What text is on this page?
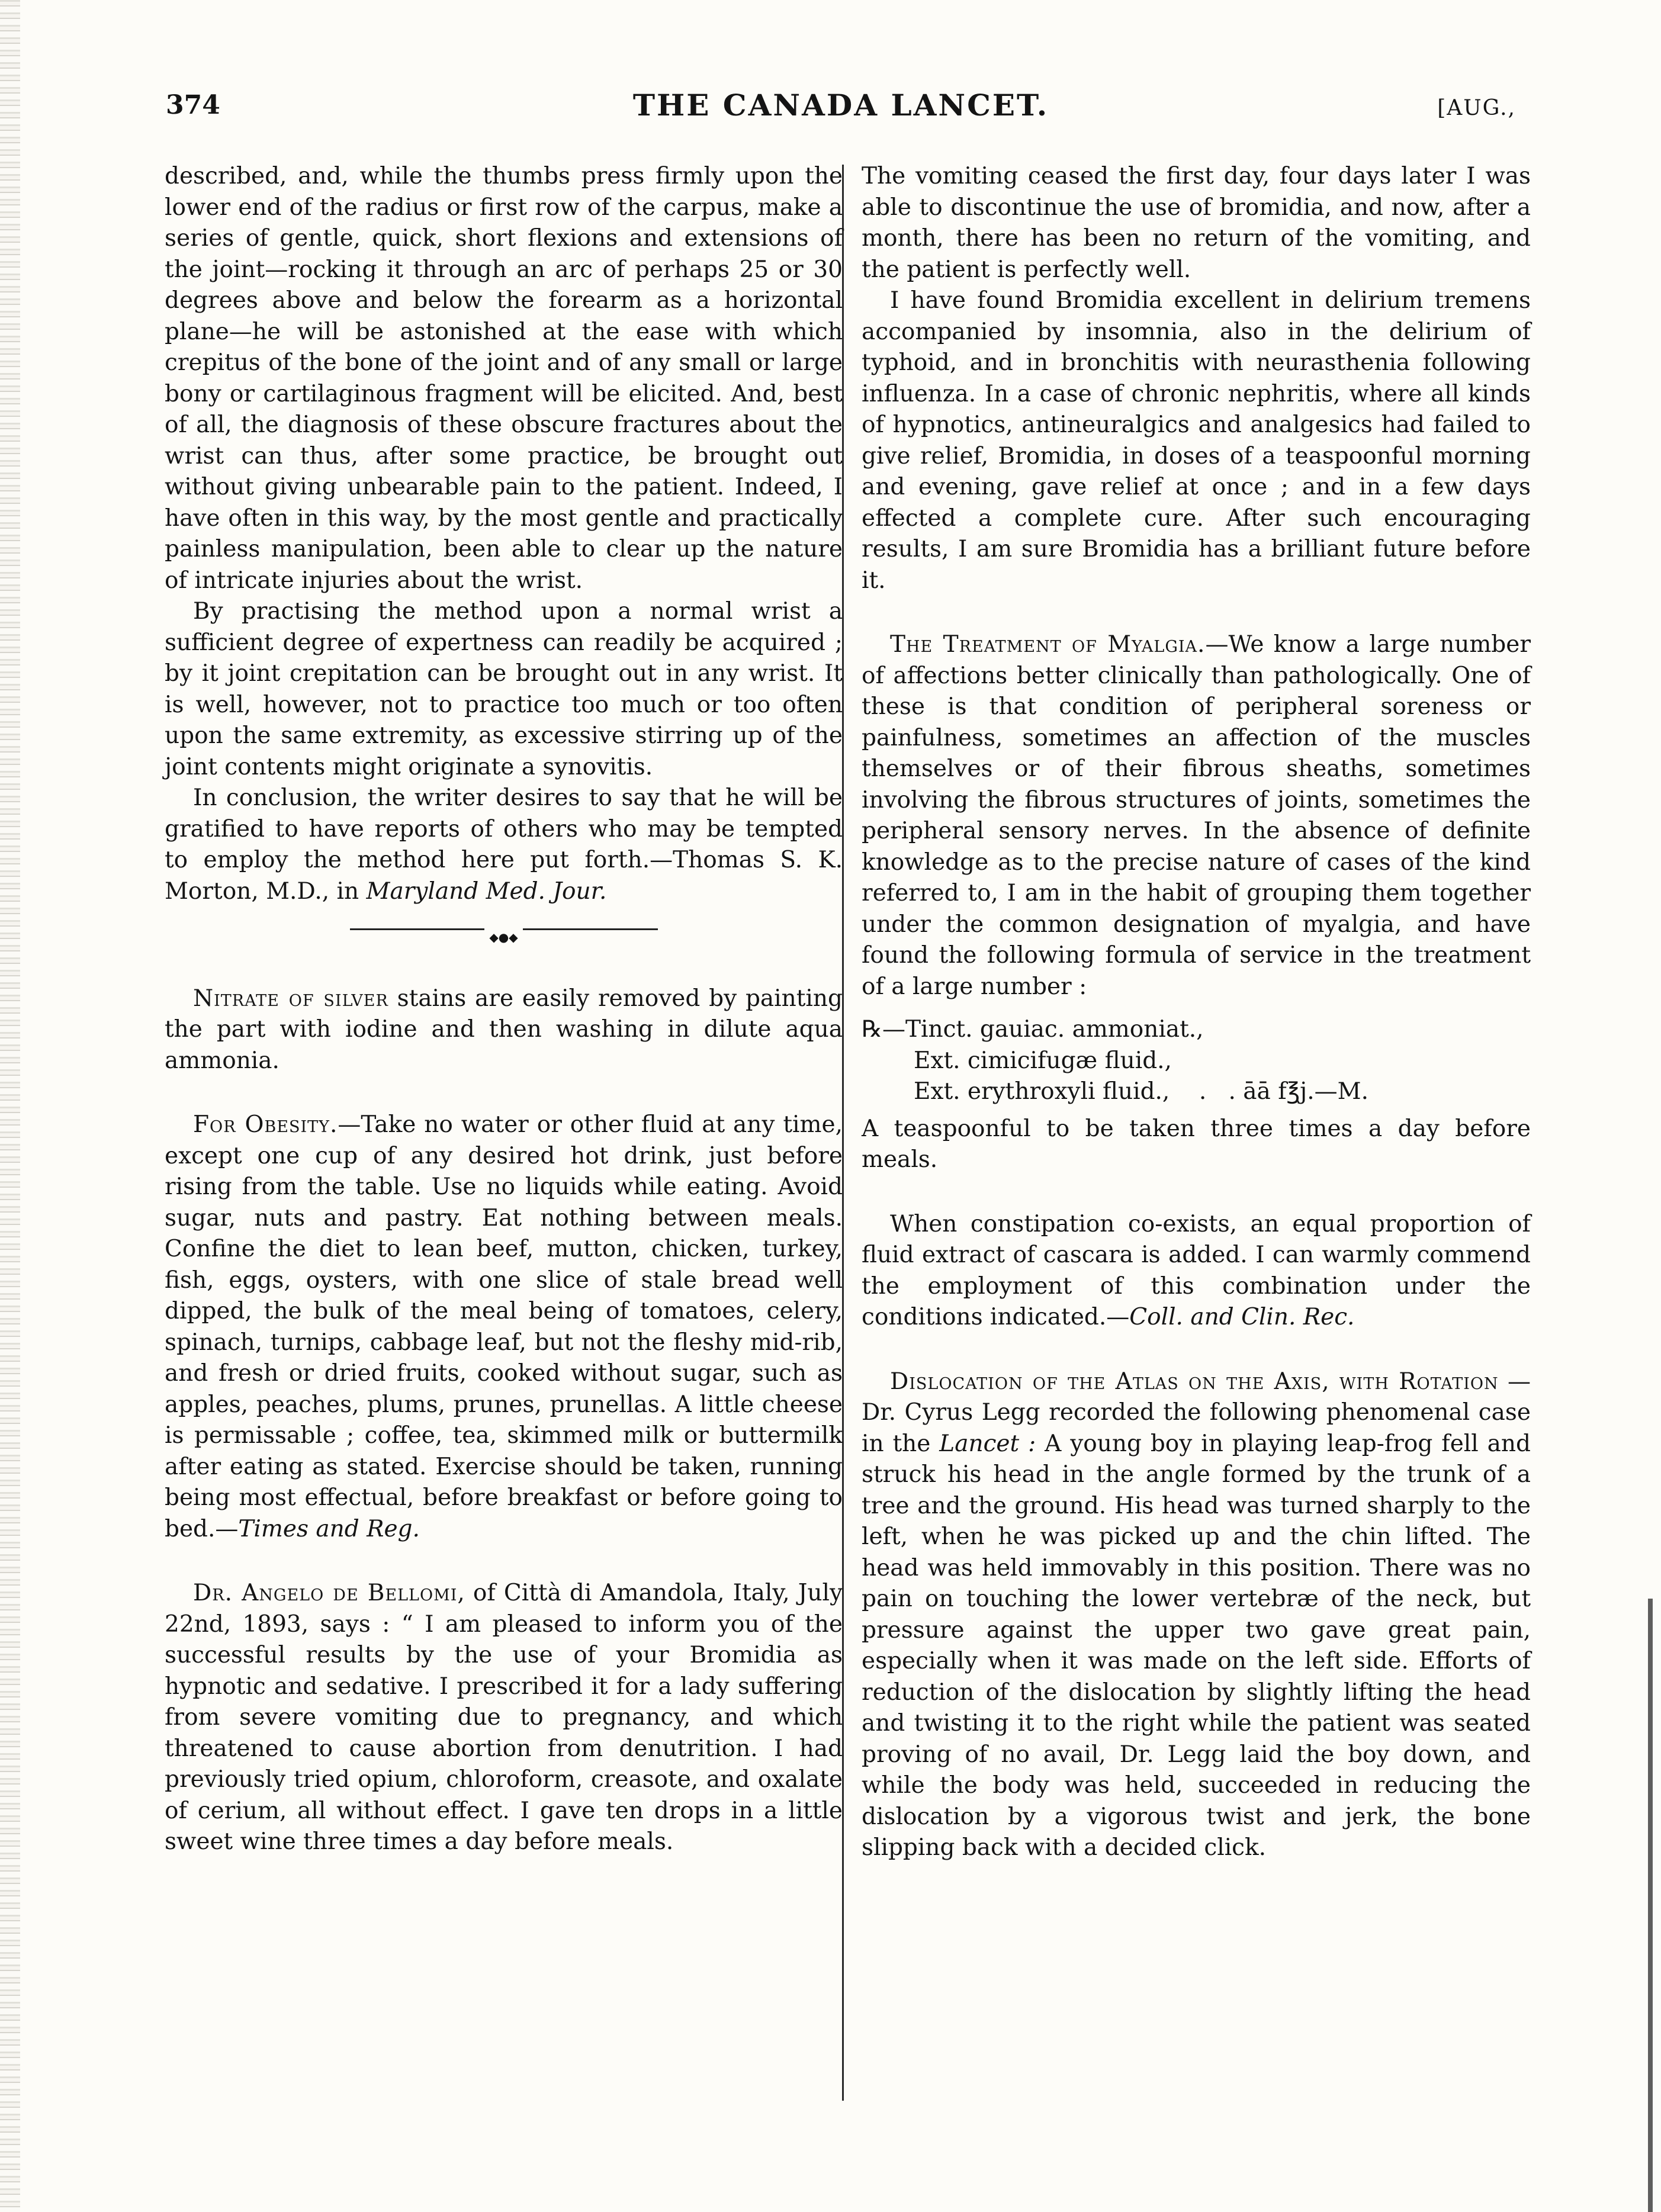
374	THE CANADA LANCET.	[AUG.,

described, and, while the thumbs press firmly upon the lower end of the radius or first row of the carpus, make a series of gentle, quick, short flexions and extensions of the joint—rocking it through an arc of perhaps 25 or 30 degrees above and below the forearm as a horizontal plane—he will be astonished at the ease with which crepitus of the bone of the joint and of any small or large bony or cartilaginous fragment will be elicited. And, best of all, the diagnosis of these obscure fractures about the wrist can thus, after some practice, be brought out without giving unbearable pain to the patient. Indeed, I have often in this way, by the most gentle and practically painless manipulation, been able to clear up the nature of intricate injuries about the wrist.

By practising the method upon a normal wrist a sufficient degree of expertness can readily be acquired ; by it joint crepitation can be brought out in any wrist. It is well, however, not to practice too much or too often upon the same extremity, as excessive stirring up of the joint contents might originate a synovitis.

In conclusion, the writer desires to say that he will be gratified to have reports of others who may be tempted to employ the method here put forth.—Thomas S. K. Morton, M.D., in Maryland Med. Jour.

◆●◆

Nitrate of silver stains are easily removed by painting the part with iodine and then washing in dilute aqua ammonia.

For Obesity.—Take no water or other fluid at any time, except one cup of any desired hot drink, just before rising from the table. Use no liquids while eating. Avoid sugar, nuts and pastry. Eat nothing between meals. Confine the diet to lean beef, mutton, chicken, turkey, fish, eggs, oysters, with one slice of stale bread well dipped, the bulk of the meal being of tomatoes, celery, spinach, turnips, cabbage leaf, but not the fleshy mid-rib, and fresh or dried fruits, cooked without sugar, such as apples, peaches, plums, prunes, prunellas. A little cheese is permissable ; coffee, tea, skimmed milk or buttermilk after eating as stated. Exercise should be taken, running being most effectual, before breakfast or before going to bed.—Times and Reg.

Dr. Angelo de Bellomi, of Città di Amandola, Italy, July 22nd, 1893, says : “ I am pleased to inform you of the successful results by the use of your Bromidia as hypnotic and sedative. I prescribed it for a lady suffering from severe vomiting due to pregnancy, and which threatened to cause abortion from denutrition. I had previously tried opium, chloroform, creasote, and oxalate of cerium, all without effect. I gave ten drops in a little sweet wine three times a day before meals.

The vomiting ceased the first day, four days later I was able to discontinue the use of bromidia, and now, after a month, there has been no return of the vomiting, and the patient is perfectly well.

I have found Bromidia excellent in delirium tremens accompanied by insomnia, also in the delirium of typhoid, and in bronchitis with neurasthenia following influenza. In a case of chronic nephritis, where all kinds of hypnotics, antineuralgics and analgesics had failed to give relief, Bromidia, in doses of a teaspoonful morning and evening, gave relief at once ; and in a few days effected a complete cure. After such encouraging results, I am sure Bromidia has a brilliant future before it.

The Treatment of Myalgia.—We know a large number of affections better clinically than pathologically. One of these is that condition of peripheral soreness or painfulness, sometimes an affection of the muscles themselves or of their fibrous sheaths, sometimes involving the fibrous structures of joints, sometimes the peripheral sensory nerves. In the absence of definite knowledge as to the precise nature of cases of the kind referred to, I am in the habit of grouping them together under the common designation of myalgia, and have found the following formula of service in the treatment of a large number :

℞—Tinct. gauiac. ammoniat.,
Ext. cimicifugæ fluid.,
Ext. erythroxyli fluid.,    .   . āā f℥j.—M.

A teaspoonful to be taken three times a day before meals.

When constipation co-exists, an equal proportion of fluid extract of cascara is added. I can warmly commend the employment of this combination under the conditions indicated.—Coll. and Clin. Rec.

Dislocation of the Atlas on the Axis, with Rotation —Dr. Cyrus Legg recorded the following phenomenal case in the Lancet : A young boy in playing leap-frog fell and struck his head in the angle formed by the trunk of a tree and the ground. His head was turned sharply to the left, when he was picked up and the chin lifted. The head was held immovably in this position. There was no pain on touching the lower vertebræ of the neck, but pressure against the upper two gave great pain, especially when it was made on the left side. Efforts of reduction of the dislocation by slightly lifting the head and twisting it to the right while the patient was seated proving of no avail, Dr. Legg laid the boy down, and while the body was held, succeeded in reducing the dislocation by a vigorous twist and jerk, the bone slipping back with a decided click.
